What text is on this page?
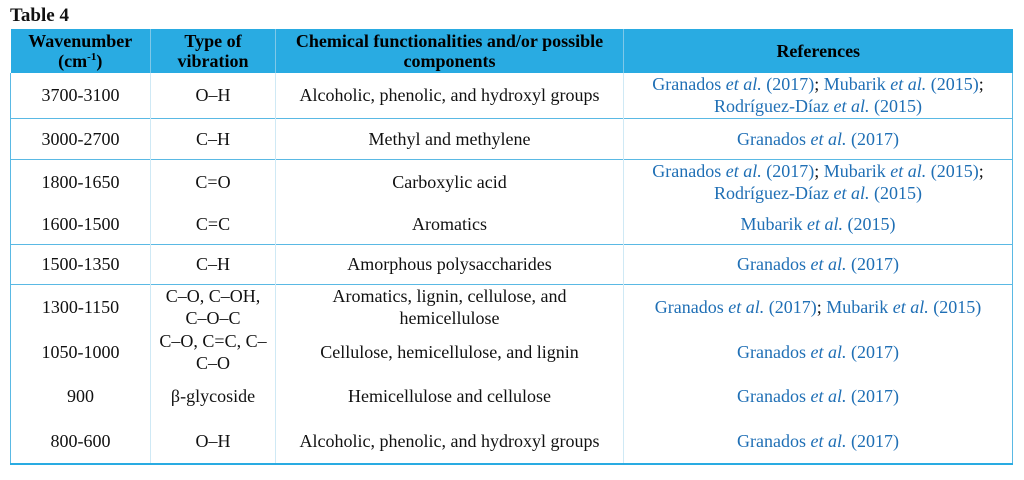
Table 4
Wavenumber
$(cm^{-1})$	Type of vibration	Chemical functionalities and/or possible components	References
3700-3100	O–H	Alcoholic, phenolic, and hydroxyl groups	Granados et al. (2017); Mubarik et al. (2015); Rodríguez-Díaz et al. (2015)
3000-2700	C–H	Methyl and methylene	Granados et al. (2017)
1800-1650	C=O	Carboxylic acid	Granados et al. (2017); Mubarik et al. (2015); Rodríguez-Díaz et al. (2015)
1600-1500	C=C	Aromatics	Mubarik et al. (2015)
1500-1350	C–H	Amorphous polysaccharides	Granados et al. (2017)
1300-1150	C–O, C–OH, C–O–C	Aromatics, lignin, cellulose, and hemicellulose	Granados et al. (2017); Mubarik et al. (2015)
1050-1000	C–O, C=C, C–C–O	Cellulose, hemicellulose, and lignin	Granados et al. (2017)
900	β-glycoside	Hemicellulose and cellulose	Granados et al. (2017)
800-600	O–H	Alcoholic, phenolic, and hydroxyl groups	Granados et al. (2017)
